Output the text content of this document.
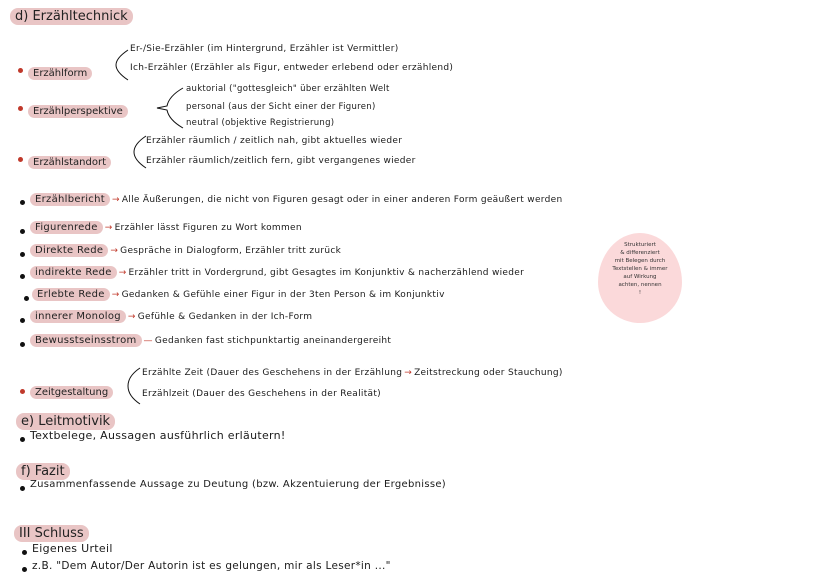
d) Erzähltechnick
Erzählform
Er-/Sie-Erzähler (im Hintergrund, Erzähler ist Vermittler)
Ich-Erzähler (Erzähler als Figur, entweder erlebend oder erzählend)
Erzählperspektive
auktorial ("gottesgleich" über erzählten Welt
personal (aus der Sicht einer der Figuren)
neutral (objektive Registrierung)
Erzählstandort
Erzähler räumlich / zeitlich nah, gibt aktuelles wieder
Erzähler räumlich/zeitlich fern, gibt vergangenes wieder
Erzählbericht → Alle Äußerungen, die nicht von Figuren gesagt oder in einer anderen Form geäußert werden
Figurenrede → Erzähler lässt Figuren zu Wort kommen
Direkte Rede → Gespräche in Dialogform, Erzähler tritt zurück
indirekte Rede → Erzähler tritt in Vordergrund, gibt Gesagtes im Konjunktiv & nacherzählend wieder
Erlebte Rede → Gedanken & Gefühle einer Figur in der 3ten Person & im Konjunktiv
innerer Monolog → Gefühle & Gedanken in der Ich-Form
Bewusstseinsstrom — Gedanken fast stichpunktartig aneinandergereiht
Zeitgestaltung
Erzählte Zeit (Dauer des Geschehens in der Erzählung → Zeitstreckung oder Stauchung)
Erzählzeit (Dauer des Geschehens in der Realität)
Strukturiert
& differenziert
mit Belegen durch
Textstellen & immer
auf Wirkung
achten, nennen
!
e) Leitmotivik
Textbelege, Aussagen ausführlich erläutern!
f) Fazit
Zusammenfassende Aussage zu Deutung (bzw. Akzentuierung der Ergebnisse)
III Schluss
Eigenes Urteil
z.B. "Dem Autor/Der Autorin ist es gelungen, mir als Leser*in ..."
